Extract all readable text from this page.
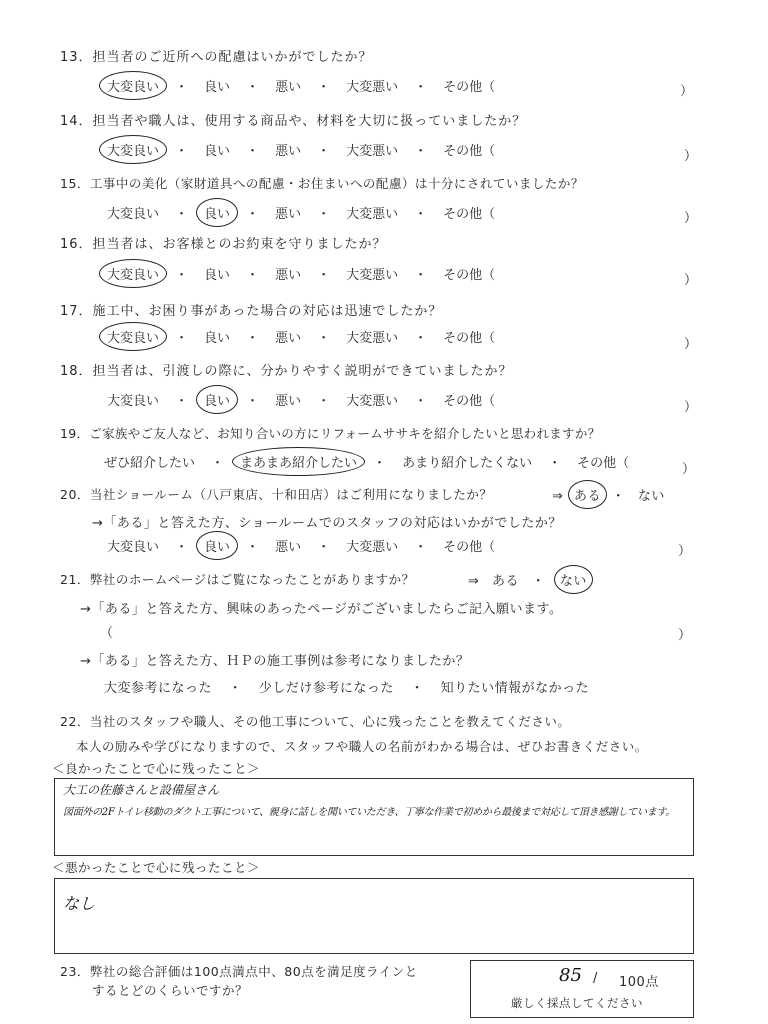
13．担当者のご近所への配慮はいかがでしたか？
大変良い ・ 良い ・ 悪い ・ 大変悪い ・ その他（	）
14．担当者や職人は、使用する商品や、材料を大切に扱っていましたか？
大変良い ・ 良い ・ 悪い ・ 大変悪い ・ その他（	）
15．工事中の美化（家財道具への配慮・お住まいへの配慮）は十分にされていましたか？
大変良い ・ 良い ・ 悪い ・ 大変悪い ・ その他（	）
16．担当者は、お客様とのお約束を守りましたか？
大変良い ・ 良い ・ 悪い ・ 大変悪い ・ その他（	）
17．施工中、お困り事があった場合の対応は迅速でしたか？
大変良い ・ 良い ・ 悪い ・ 大変悪い ・ その他（	）
18．担当者は、引渡しの際に、分かりやすく説明ができていましたか？
大変良い ・ 良い ・ 悪い ・ 大変悪い ・ その他（	）
19．ご家族やご友人など、お知り合いの方にリフォームササキを紹介したいと思われますか？
ぜひ紹介したい ・ まあまあ紹介したい ・ あまり紹介したくない ・ その他（	）
20．当社ショールーム（八戸東店、十和田店）はご利用になりましたか？	⇒ ある ・ ない
→「ある」と答えた方、ショールームでのスタッフの対応はいかがでしたか？
大変良い ・ 良い ・ 悪い ・ 大変悪い ・ その他（	）
21．弊社のホームページはご覧になったことがありますか？	⇒ ある ・ ない
→「ある」と答えた方、興味のあったページがございましたらご記入願います。
（	）
→「ある」と答えた方、ＨＰの施工事例は参考になりましたか？
大変参考になった ・ 少しだけ参考になった ・ 知りたい情報がなかった
22．当社のスタッフや職人、その他工事について、心に残ったことを教えてください。
本人の励みや学びになりますので、スタッフや職人の名前がわかる場合は、ぜひお書きください。
＜良かったことで心に残ったこと＞
大工の佐藤さんと設備屋さん
図面外の2Fトイレ移動のダクト工事について、親身に話しを聞いていただき、丁寧な作業で初めから最後まで対応して頂き感謝しています。
＜悪かったことで心に残ったこと＞
なし
23．弊社の総合評価は100点満点中、80点を満足度ラインと
するとどのくらいですか？
85 / 100点
厳しく採点してください
